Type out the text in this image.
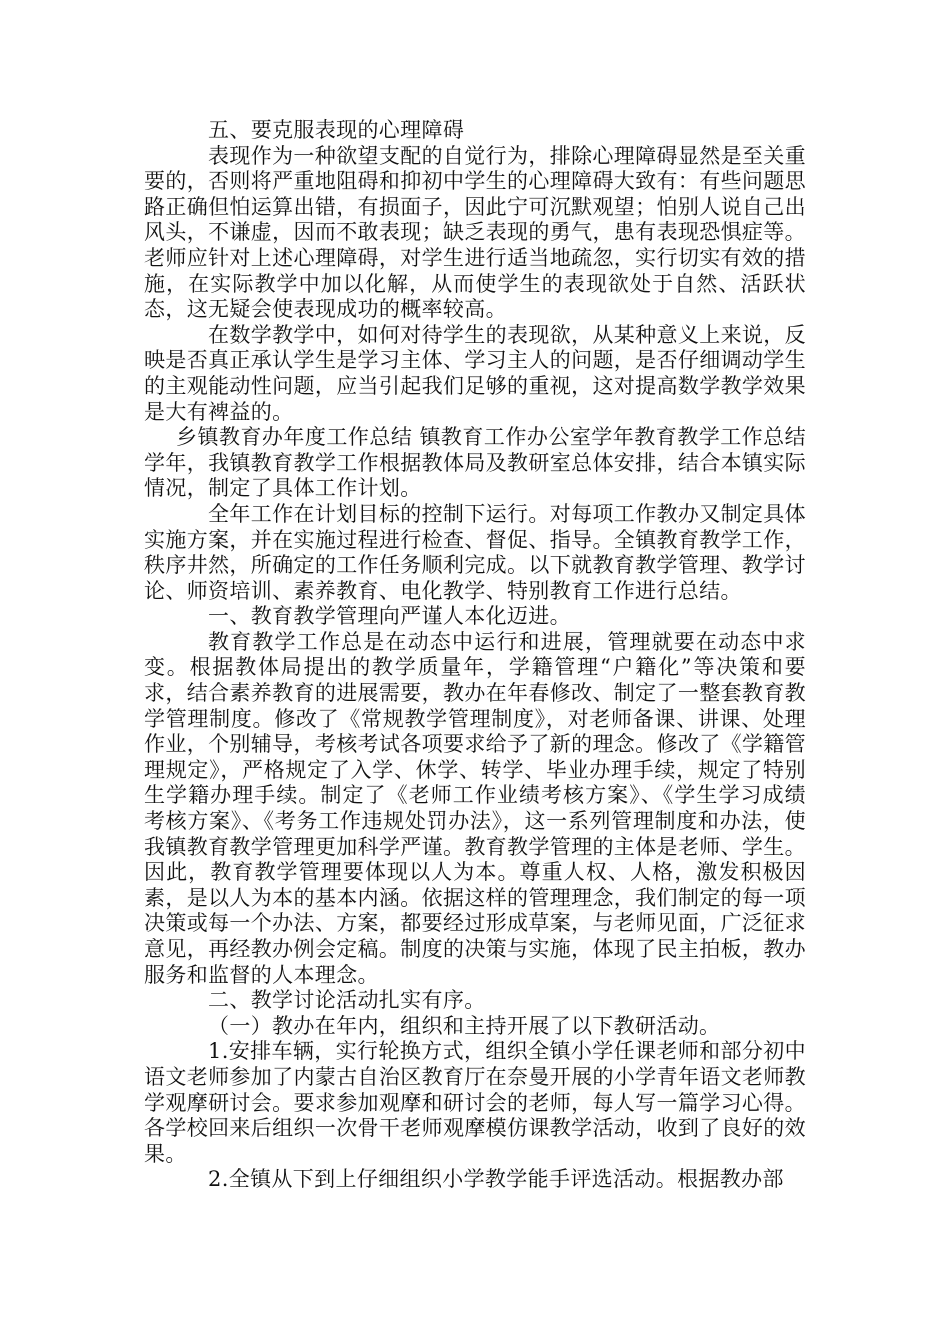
五、要克服表现的心理障碍

表现作为一种欲望支配的自觉行为，排除心理障碍显然是至关重要的，否则将严重地阻碍和抑初中学生的心理障碍大致有：有些问题思路正确但怕运算出错，有损面子，因此宁可沉默观望；怕别人说自己出风头，不谦虚，因而不敢表现；缺乏表现的勇气，患有表现恐惧症等。老师应针对上述心理障碍，对学生进行适当地疏忽，实行切实有效的措施，在实际教学中加以化解，从而使学生的表现欲处于自然、活跃状态，这无疑会使表现成功的概率较高。

在数学教学中，如何对待学生的表现欲，从某种意义上来说，反映是否真正承认学生是学习主体、学习主人的问题，是否仔细调动学生的主观能动性问题，应当引起我们足够的重视，这对提高数学教学效果是大有裨益的。

乡镇教育办年度工作总结 镇教育工作办公室学年教育教学工作总结学年，我镇教育教学工作根据教体局及教研室总体安排，结合本镇实际情况，制定了具体工作计划。

全年工作在计划目标的控制下运行。对每项工作教办又制定具体实施方案，并在实施过程进行检查、督促、指导。全镇教育教学工作，秩序井然，所确定的工作任务顺利完成。以下就教育教学管理、教学讨论、师资培训、素养教育、电化教学、特别教育工作进行总结。

一、教育教学管理向严谨人本化迈进。

教育教学工作总是在动态中运行和进展，管理就要在动态中求变。根据教体局提出的教学质量年，学籍管理“户籍化”等决策和要求，结合素养教育的进展需要，教办在年春修改、制定了一整套教育教学管理制度。修改了《常规教学管理制度》，对老师备课、讲课、处理作业，个别辅导，考核考试各项要求给予了新的理念。修改了《学籍管理规定》，严格规定了入学、休学、转学、毕业办理手续，规定了特别生学籍办理手续。制定了《老师工作业绩考核方案》、《学生学习成绩考核方案》、《考务工作违规处罚办法》，这一系列管理制度和办法，使我镇教育教学管理更加科学严谨。教育教学管理的主体是老师、学生。因此，教育教学管理要体现以人为本。尊重人权、人格，激发积极因素，是以人为本的基本内涵。依据这样的管理理念，我们制定的每一项决策或每一个办法、方案，都要经过形成草案，与老师见面，广泛征求意见，再经教办例会定稿。制度的决策与实施，体现了民主拍板，教办服务和监督的人本理念。

二、教学讨论活动扎实有序。

（一）教办在年内，组织和主持开展了以下教研活动。

1.安排车辆，实行轮换方式，组织全镇小学任课老师和部分初中语文老师参加了内蒙古自治区教育厅在奈曼开展的小学青年语文老师教学观摩研讨会。要求参加观摩和研讨会的老师，每人写一篇学习心得。各学校回来后组织一次骨干老师观摩模仿课教学活动，收到了良好的效果。

2.全镇从下到上仔细组织小学教学能手评选活动。根据教办部
